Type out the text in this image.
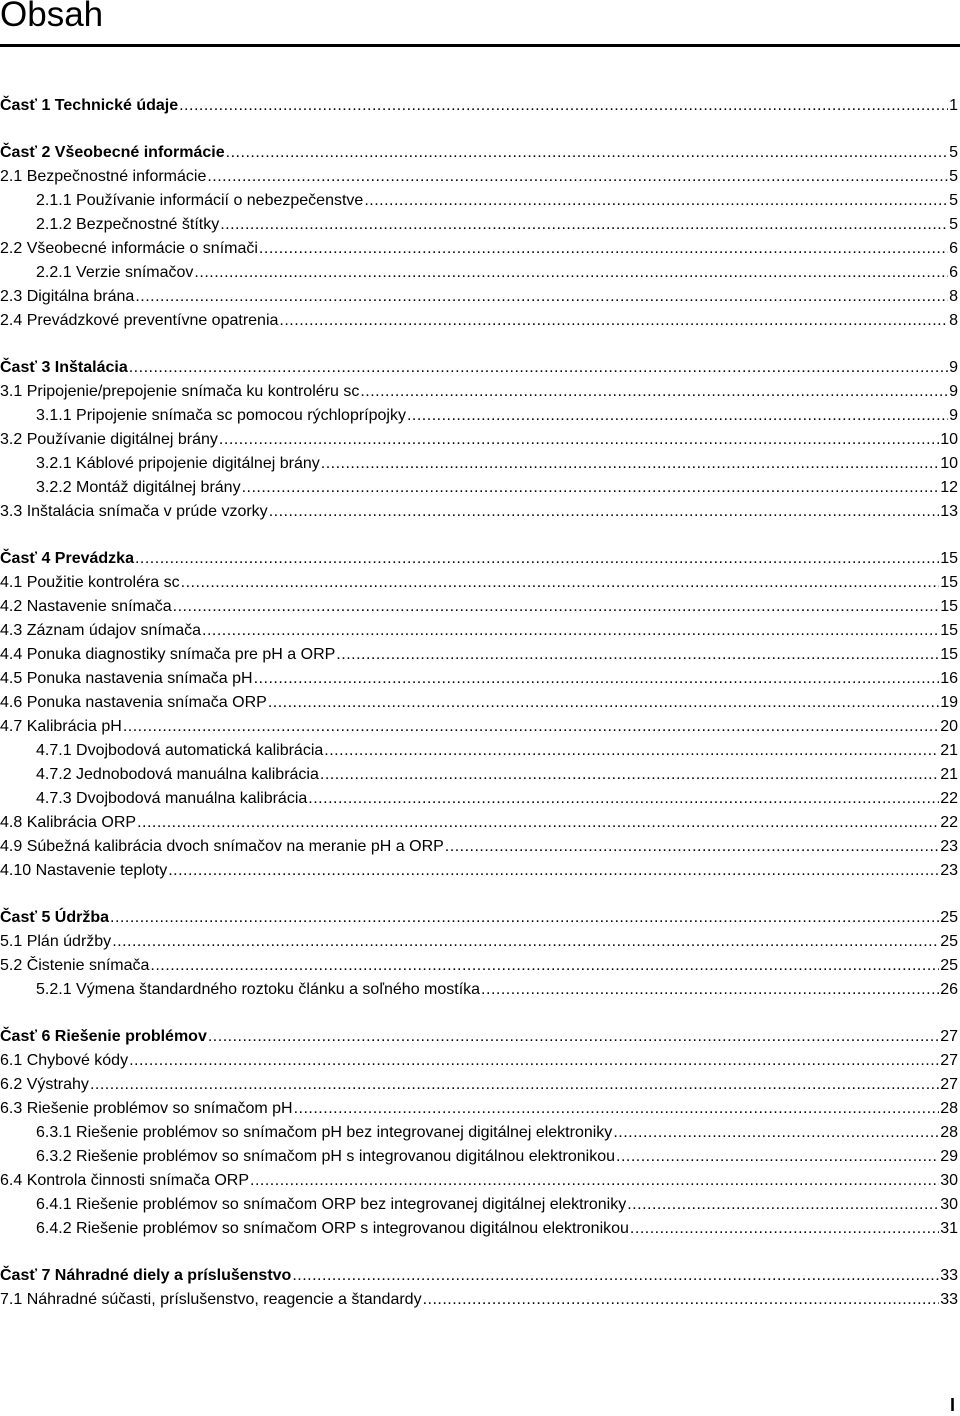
Obsah
Časť 1 Technické údaje .....	1
Časť 2 Všeobecné informácie .....	5
2.1 Bezpečnostné informácie .....	5
2.1.1 Používanie informácií o nebezpečenstve .....	5
2.1.2 Bezpečnostné štítky .....	5
2.2 Všeobecné informácie o snímači .....	6
2.2.1 Verzie snímačov .....	6
2.3 Digitálna brána .....	8
2.4 Prevádzkové preventívne opatrenia .....	8
Časť 3 Inštalácia .....	9
3.1 Pripojenie/prepojenie snímača ku kontroléru sc .....	9
3.1.1 Pripojenie snímača sc pomocou rýchloprípojky .....	9
3.2 Používanie digitálnej brány .....	10
3.2.1 Káblové pripojenie digitálnej brány .....	10
3.2.2 Montáž digitálnej brány .....	12
3.3 Inštalácia snímača v prúde vzorky .....	13
Časť 4 Prevádzka .....	15
4.1 Použitie kontroléra sc .....	15
4.2 Nastavenie snímača .....	15
4.3 Záznam údajov snímača .....	15
4.4 Ponuka diagnostiky snímača pre pH a ORP .....	15
4.5 Ponuka nastavenia snímača pH .....	16
4.6 Ponuka nastavenia snímača ORP .....	19
4.7 Kalibrácia pH .....	20
4.7.1 Dvojbodová automatická kalibrácia .....	21
4.7.2 Jednobodová manuálna kalibrácia .....	21
4.7.3 Dvojbodová manuálna kalibrácia .....	22
4.8 Kalibrácia ORP .....	22
4.9 Súbežná kalibrácia dvoch snímačov na meranie pH a ORP .....	23
4.10 Nastavenie teploty .....	23
Časť 5 Údržba .....	25
5.1 Plán údržby .....	25
5.2 Čistenie snímača .....	25
5.2.1 Výmena štandardného roztoku článku a soľného mostíka .....	26
Časť 6 Riešenie problémov .....	27
6.1 Chybové kódy .....	27
6.2 Výstrahy .....	27
6.3 Riešenie problémov so snímačom pH .....	28
6.3.1 Riešenie problémov so snímačom pH bez integrovanej digitálnej elektroniky .....	28
6.3.2 Riešenie problémov so snímačom pH s integrovanou digitálnou elektronikou .....	29
6.4 Kontrola činnosti snímača ORP .....	30
6.4.1 Riešenie problémov so snímačom ORP bez integrovanej digitálnej elektroniky .....	30
6.4.2 Riešenie problémov so snímačom ORP s integrovanou digitálnou elektronikou .....	31
Časť 7 Náhradné diely a príslušenstvo .....	33
7.1 Náhradné súčasti, príslušenstvo, reagencie a štandardy .....	33
I
